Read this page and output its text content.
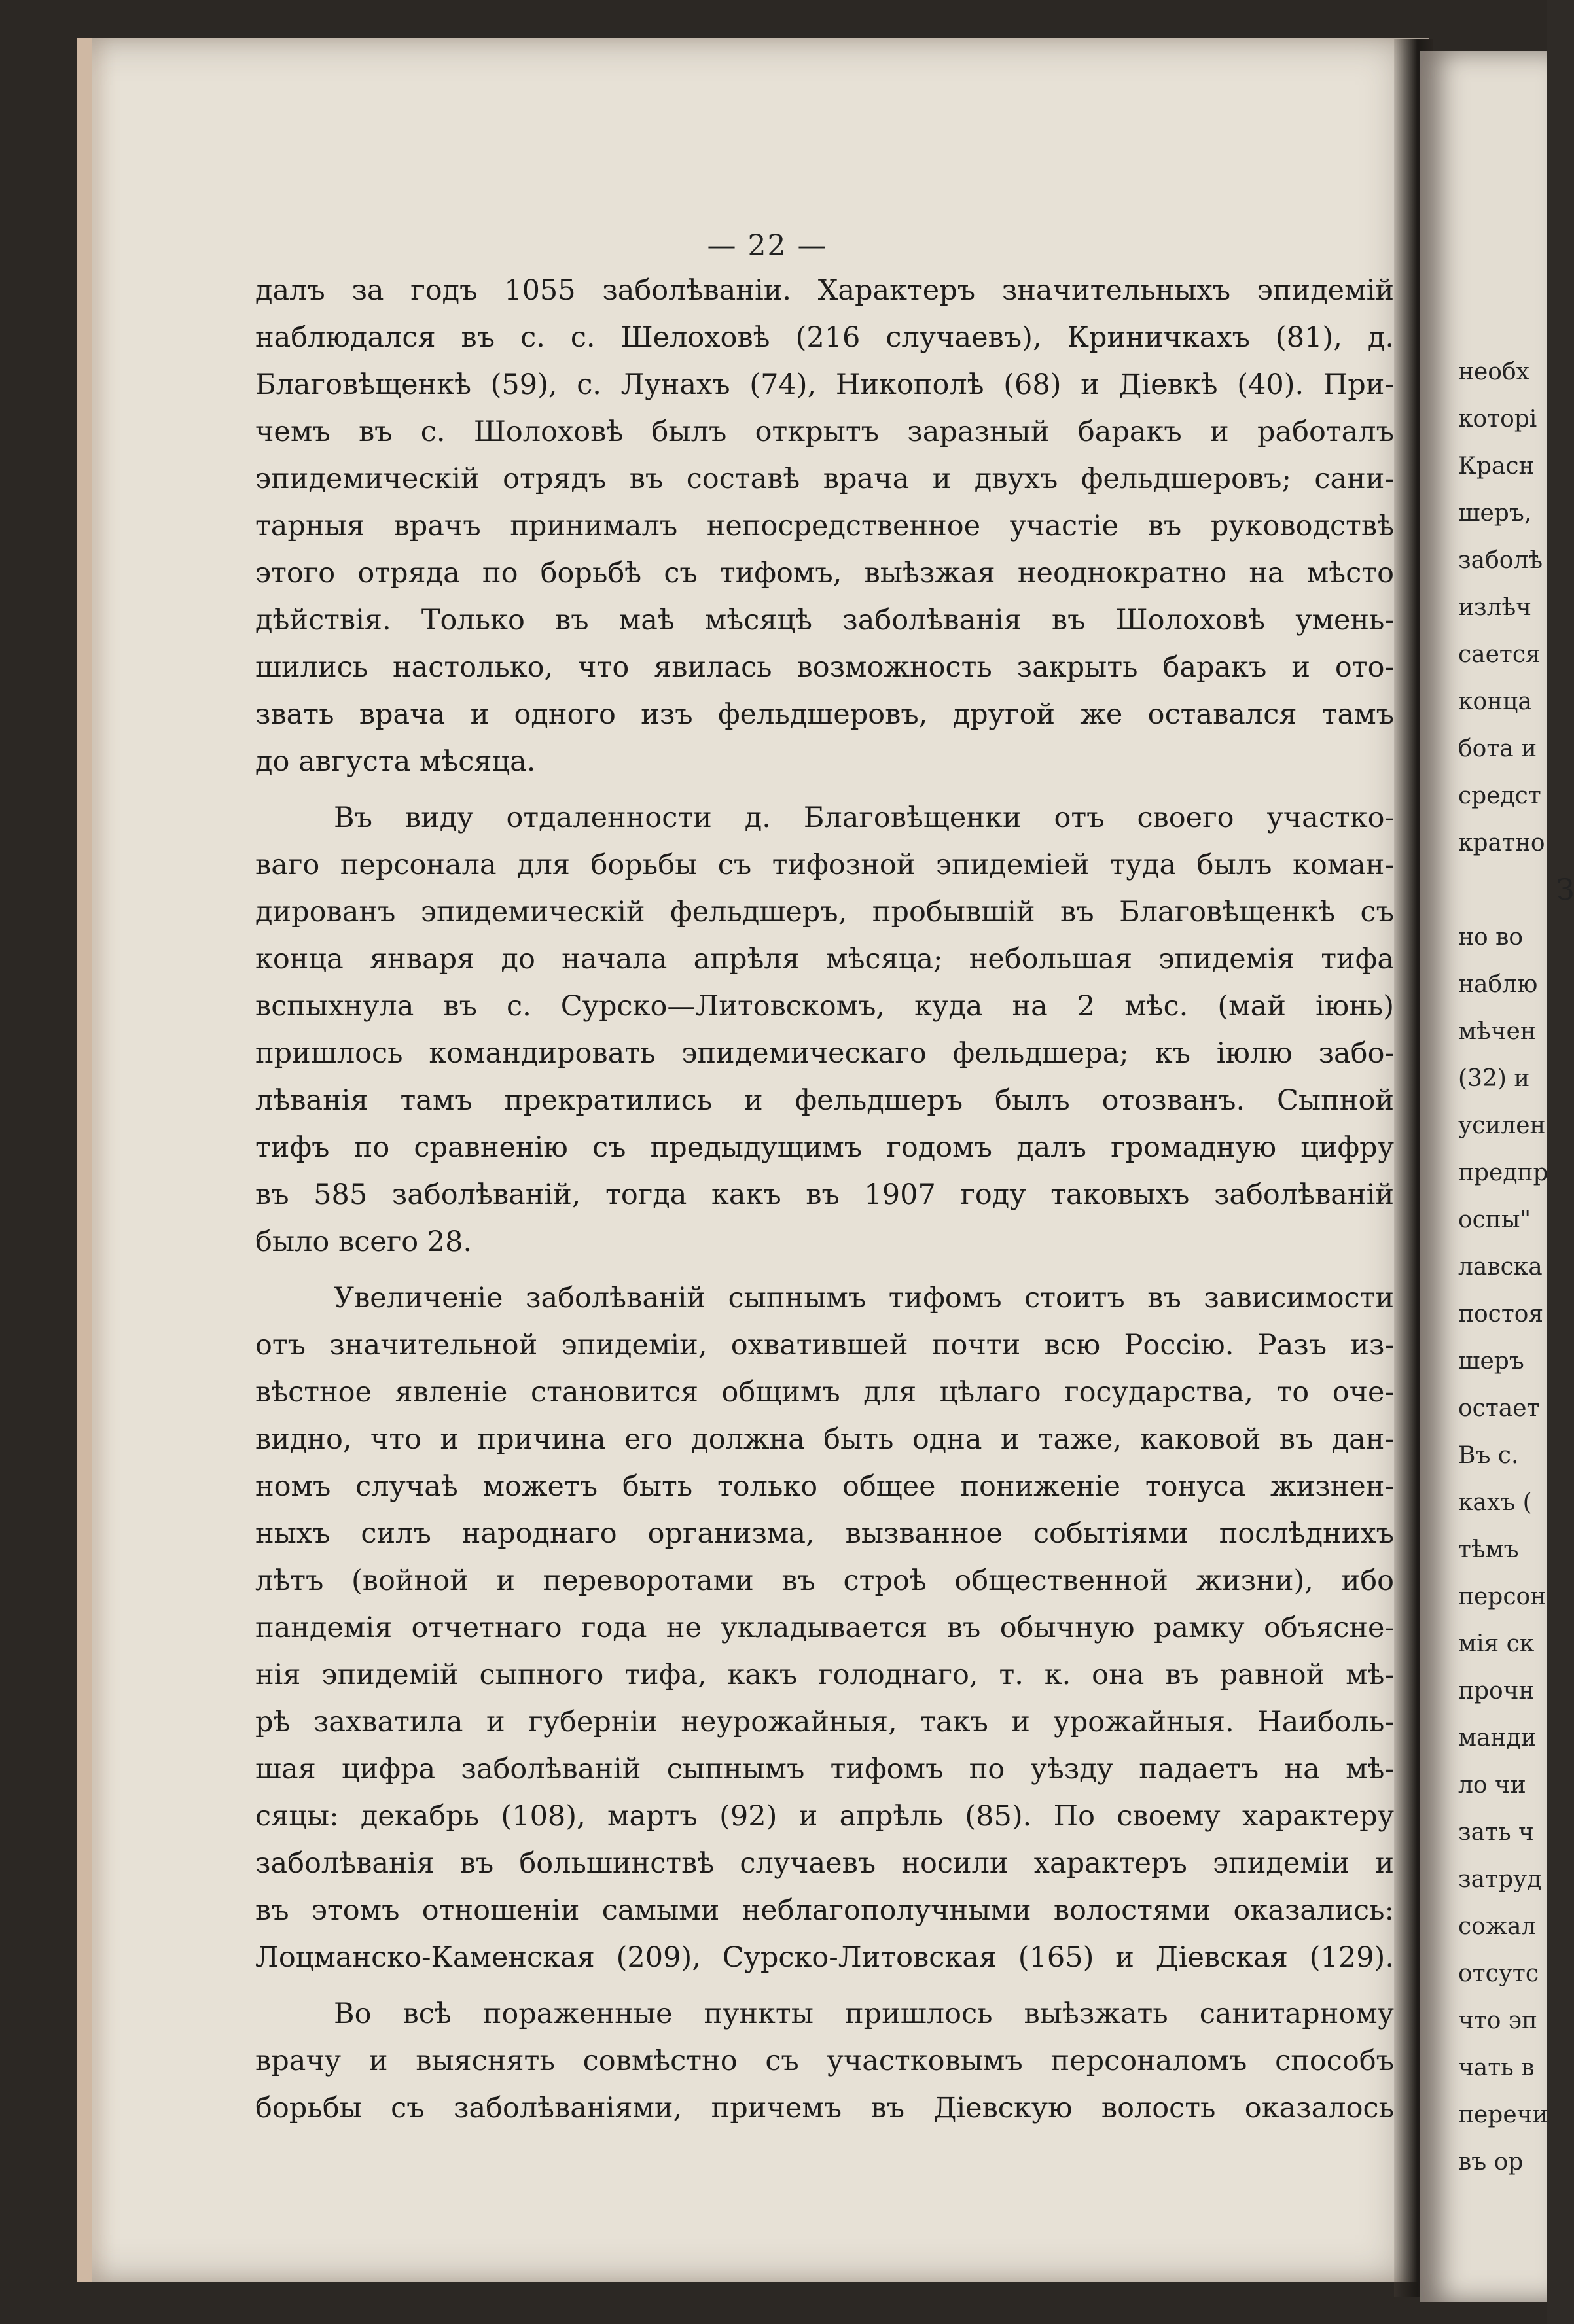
— 22 —
необх
которі
Красн
шеръ,
заболѣ
излѣч
сается
конца
бота и
средст
кратно
З
но во
наблю
мѣчен
(32) и
усилен
предпр
оспы"
лавска
постоя
шеръ
остает
Въ с.
кахъ (
тѣмъ
персон
мія ск
прочн
манди
ло чи
зать ч
затруд
сожал
отсутс
что эп
чать в
перечи
въ ор
далъ за годъ 1055 заболѣваніи. Характеръ значительныхъ эпидемій
наблюдался въ с. с. Шелоховѣ (216 случаевъ), Криничкахъ (81), д.
Благовѣщенкѣ (59), с. Лунахъ (74), Никополѣ (68) и Діевкѣ (40). При-
чемъ въ с. Шолоховѣ былъ открытъ заразный баракъ и работалъ
эпидемическій отрядъ въ составѣ врача и двухъ фельдшеровъ; сани-
тарныя врачъ принималъ непосредственное участіе въ руководствѣ
этого отряда по борьбѣ съ тифомъ, выѣзжая неоднократно на мѣсто
дѣйствія. Только въ маѣ мѣсяцѣ заболѣванія въ Шолоховѣ умень-
шились настолько, что явилась возможность закрыть баракъ и ото-
звать врача и одного изъ фельдшеровъ, другой же оставался тамъ
до августа мѣсяца.
Въ виду отдаленности д. Благовѣщенки отъ своего участко-
ваго персонала для борьбы съ тифозной эпидеміей туда былъ коман-
дированъ эпидемическій фельдшеръ, пробывшій въ Благовѣщенкѣ съ
конца января до начала апрѣля мѣсяца; небольшая эпидемія тифа
вспыхнула въ с. Сурско—Литовскомъ, куда на 2 мѣс. (май іюнь)
пришлось командировать эпидемическаго фельдшера; къ іюлю забо-
лѣванія тамъ прекратились и фельдшеръ былъ отозванъ. Сыпной
тифъ по сравненію съ предыдущимъ годомъ далъ громадную цифру
въ 585 заболѣваній, тогда какъ въ 1907 году таковыхъ заболѣваній
было всего 28.
Увеличеніе заболѣваній сыпнымъ тифомъ стоитъ въ зависимости
отъ значительной эпидеміи, охватившей почти всю Россію. Разъ из-
вѣстное явленіе становится общимъ для цѣлаго государства, то оче-
видно, что и причина его должна быть одна и таже, каковой въ дан-
номъ случаѣ можетъ быть только общее пониженіе тонуса жизнен-
ныхъ силъ народнаго организма, вызванное событіями послѣднихъ
лѣтъ (войной и переворотами въ строѣ общественной жизни), ибо
пандемія отчетнаго года не укладывается въ обычную рамку объясне-
нія эпидемій сыпного тифа, какъ голоднаго, т. к. она въ равной мѣ-
рѣ захватила и губерніи неурожайныя, такъ и урожайныя. Наиболь-
шая цифра заболѣваній сыпнымъ тифомъ по уѣзду падаетъ на мѣ-
сяцы: декабрь (108), мартъ (92) и апрѣль (85). По своему характеру
заболѣванія въ большинствѣ случаевъ носили характеръ эпидеміи и
въ этомъ отношеніи самыми неблагополучными волостями оказались:
Лоцманско-Каменская (209), Сурско-Литовская (165) и Діевская (129).
Во всѣ пораженные пункты пришлось выѣзжать санитарному
врачу и выяснять совмѣстно съ участковымъ персоналомъ способъ
борьбы съ заболѣваніями, причемъ въ Діевскую волость оказалось
